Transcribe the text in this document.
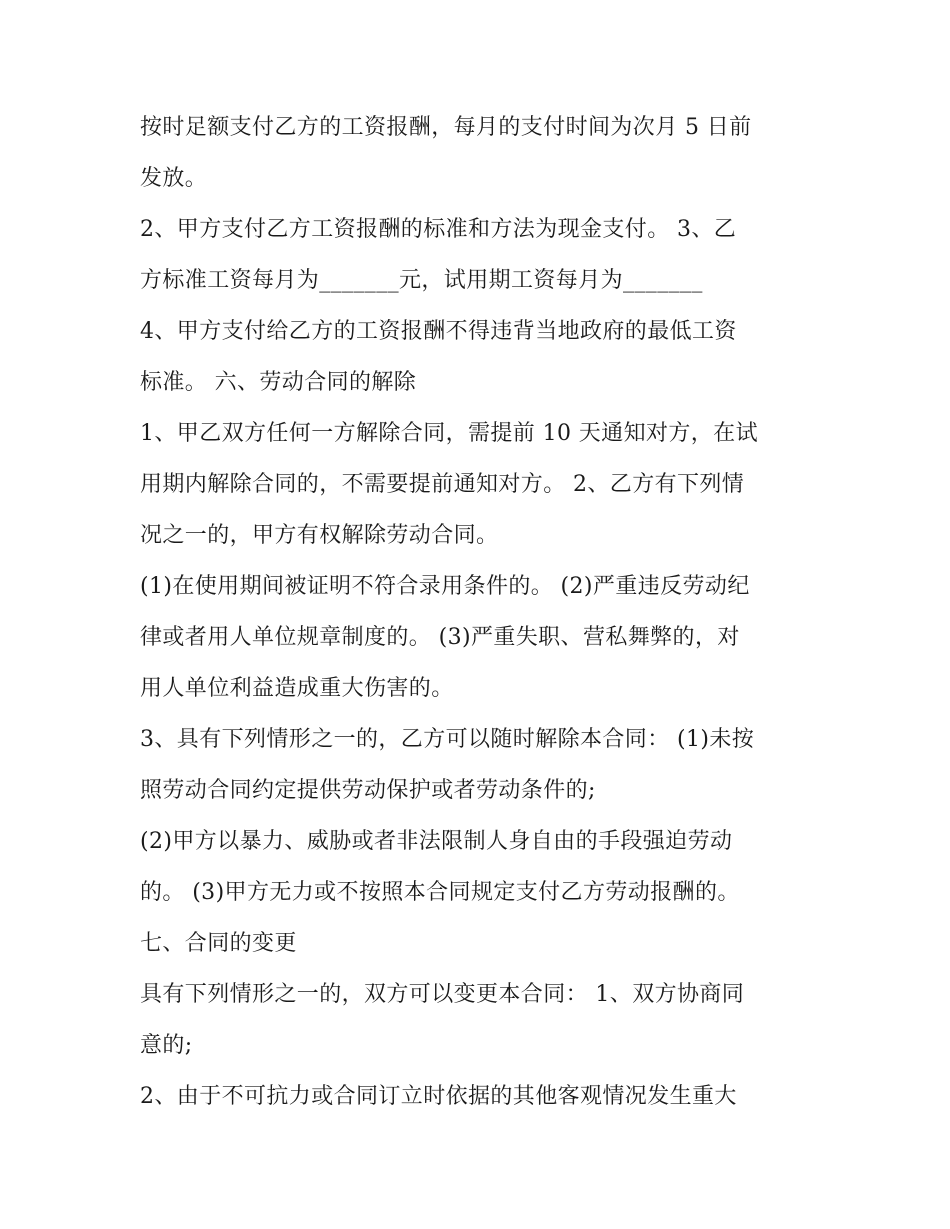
按时足额支付乙方的工资报酬，每月的支付时间为次月 5 日前
发放。
2、甲方支付乙方工资报酬的标准和方法为现金支付。 3、乙
方标准工资每月为_______元，试用期工资每月为_______
4、甲方支付给乙方的工资报酬不得违背当地政府的最低工资
标准。 六、劳动合同的解除
1、甲乙双方任何一方解除合同，需提前 10 天通知对方，在试
用期内解除合同的，不需要提前通知对方。 2、乙方有下列情
况之一的，甲方有权解除劳动合同。
(1)在使用期间被证明不符合录用条件的。 (2)严重违反劳动纪
律或者用人单位规章制度的。 (3)严重失职、营私舞弊的，对
用人单位利益造成重大伤害的。
3、具有下列情形之一的，乙方可以随时解除本合同： (1)未按
照劳动合同约定提供劳动保护或者劳动条件的;
(2)甲方以暴力、威胁或者非法限制人身自由的手段强迫劳动
的。 (3)甲方无力或不按照本合同规定支付乙方劳动报酬的。
七、合同的变更
具有下列情形之一的，双方可以变更本合同： 1、双方协商同
意的;
2、由于不可抗力或合同订立时依据的其他客观情况发生重大
